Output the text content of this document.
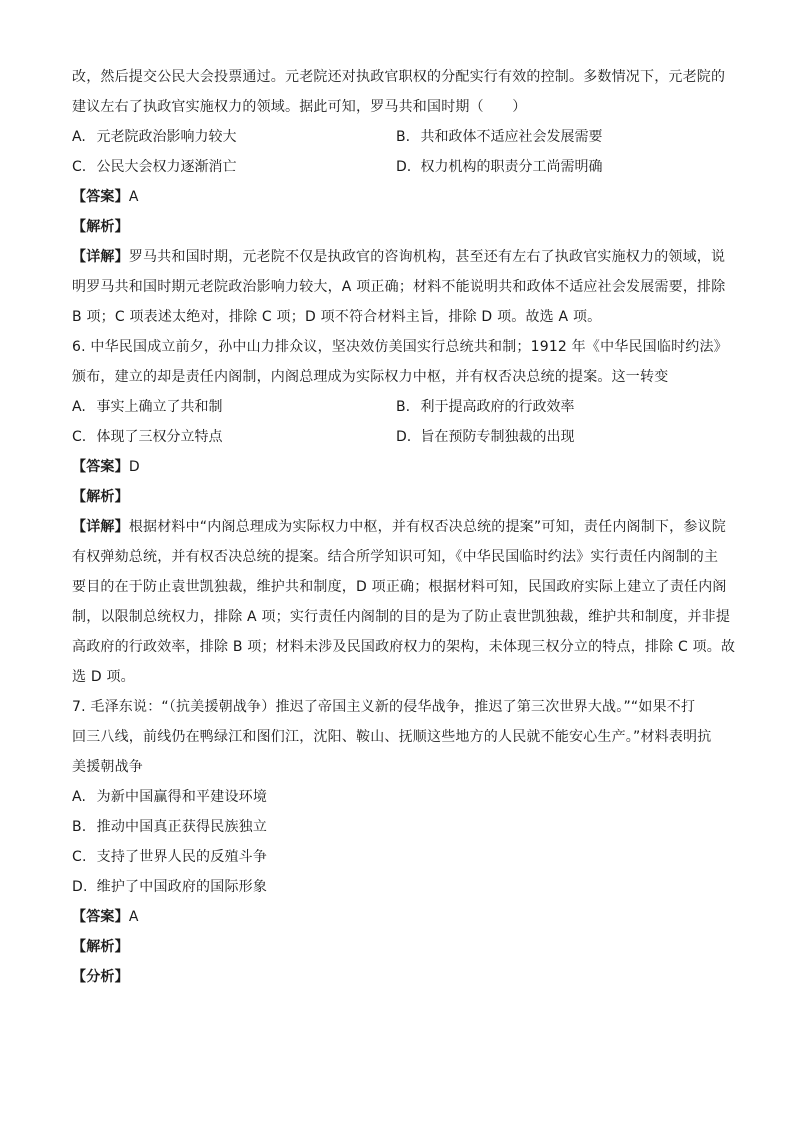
改，然后提交公民大会投票通过。元老院还对执政官职权的分配实行有效的控制。多数情况下，元老院的
建议左右了执政官实施权力的领域。据此可知，罗马共和国时期（　　）
A. 元老院政治影响力较大	B. 共和政体不适应社会发展需要
C. 公民大会权力逐渐消亡	D. 权力机构的职责分工尚需明确
【答案】A
【解析】
【详解】罗马共和国时期，元老院不仅是执政官的咨询机构，甚至还有左右了执政官实施权力的领域，说
明罗马共和国时期元老院政治影响力较大，A 项正确；材料不能说明共和政体不适应社会发展需要，排除
B 项；C 项表述太绝对，排除 C 项；D 项不符合材料主旨，排除 D 项。故选 A 项。
6. 中华民国成立前夕，孙中山力排众议，坚决效仿美国实行总统共和制；1912 年《中华民国临时约法》
颁布，建立的却是责任内阁制，内阁总理成为实际权力中枢，并有权否决总统的提案。这一转变
A. 事实上确立了共和制	B. 利于提高政府的行政效率
C. 体现了三权分立特点	D. 旨在预防专制独裁的出现
【答案】D
【解析】
【详解】根据材料中“内阁总理成为实际权力中枢，并有权否决总统的提案”可知，责任内阁制下，参议院
有权弹劾总统，并有权否决总统的提案。结合所学知识可知，《中华民国临时约法》实行责任内阁制的主
要目的在于防止袁世凯独裁，维护共和制度，D 项正确；根据材料可知，民国政府实际上建立了责任内阁
制，以限制总统权力，排除 A 项；实行责任内阁制的目的是为了防止袁世凯独裁，维护共和制度，并非提
高政府的行政效率，排除 B 项；材料未涉及民国政府权力的架构，未体现三权分立的特点，排除 C 项。故
选 D 项。
7. 毛泽东说：“（抗美援朝战争）推迟了帝国主义新的侵华战争，推迟了第三次世界大战。”“如果不打
回三八线，前线仍在鸭绿江和图们江，沈阳、鞍山、抚顺这些地方的人民就不能安心生产。”材料表明抗
美援朝战争
A. 为新中国赢得和平建设环境
B. 推动中国真正获得民族独立
C. 支持了世界人民的反殖斗争
D. 维护了中国政府的国际形象
【答案】A
【解析】
【分析】
